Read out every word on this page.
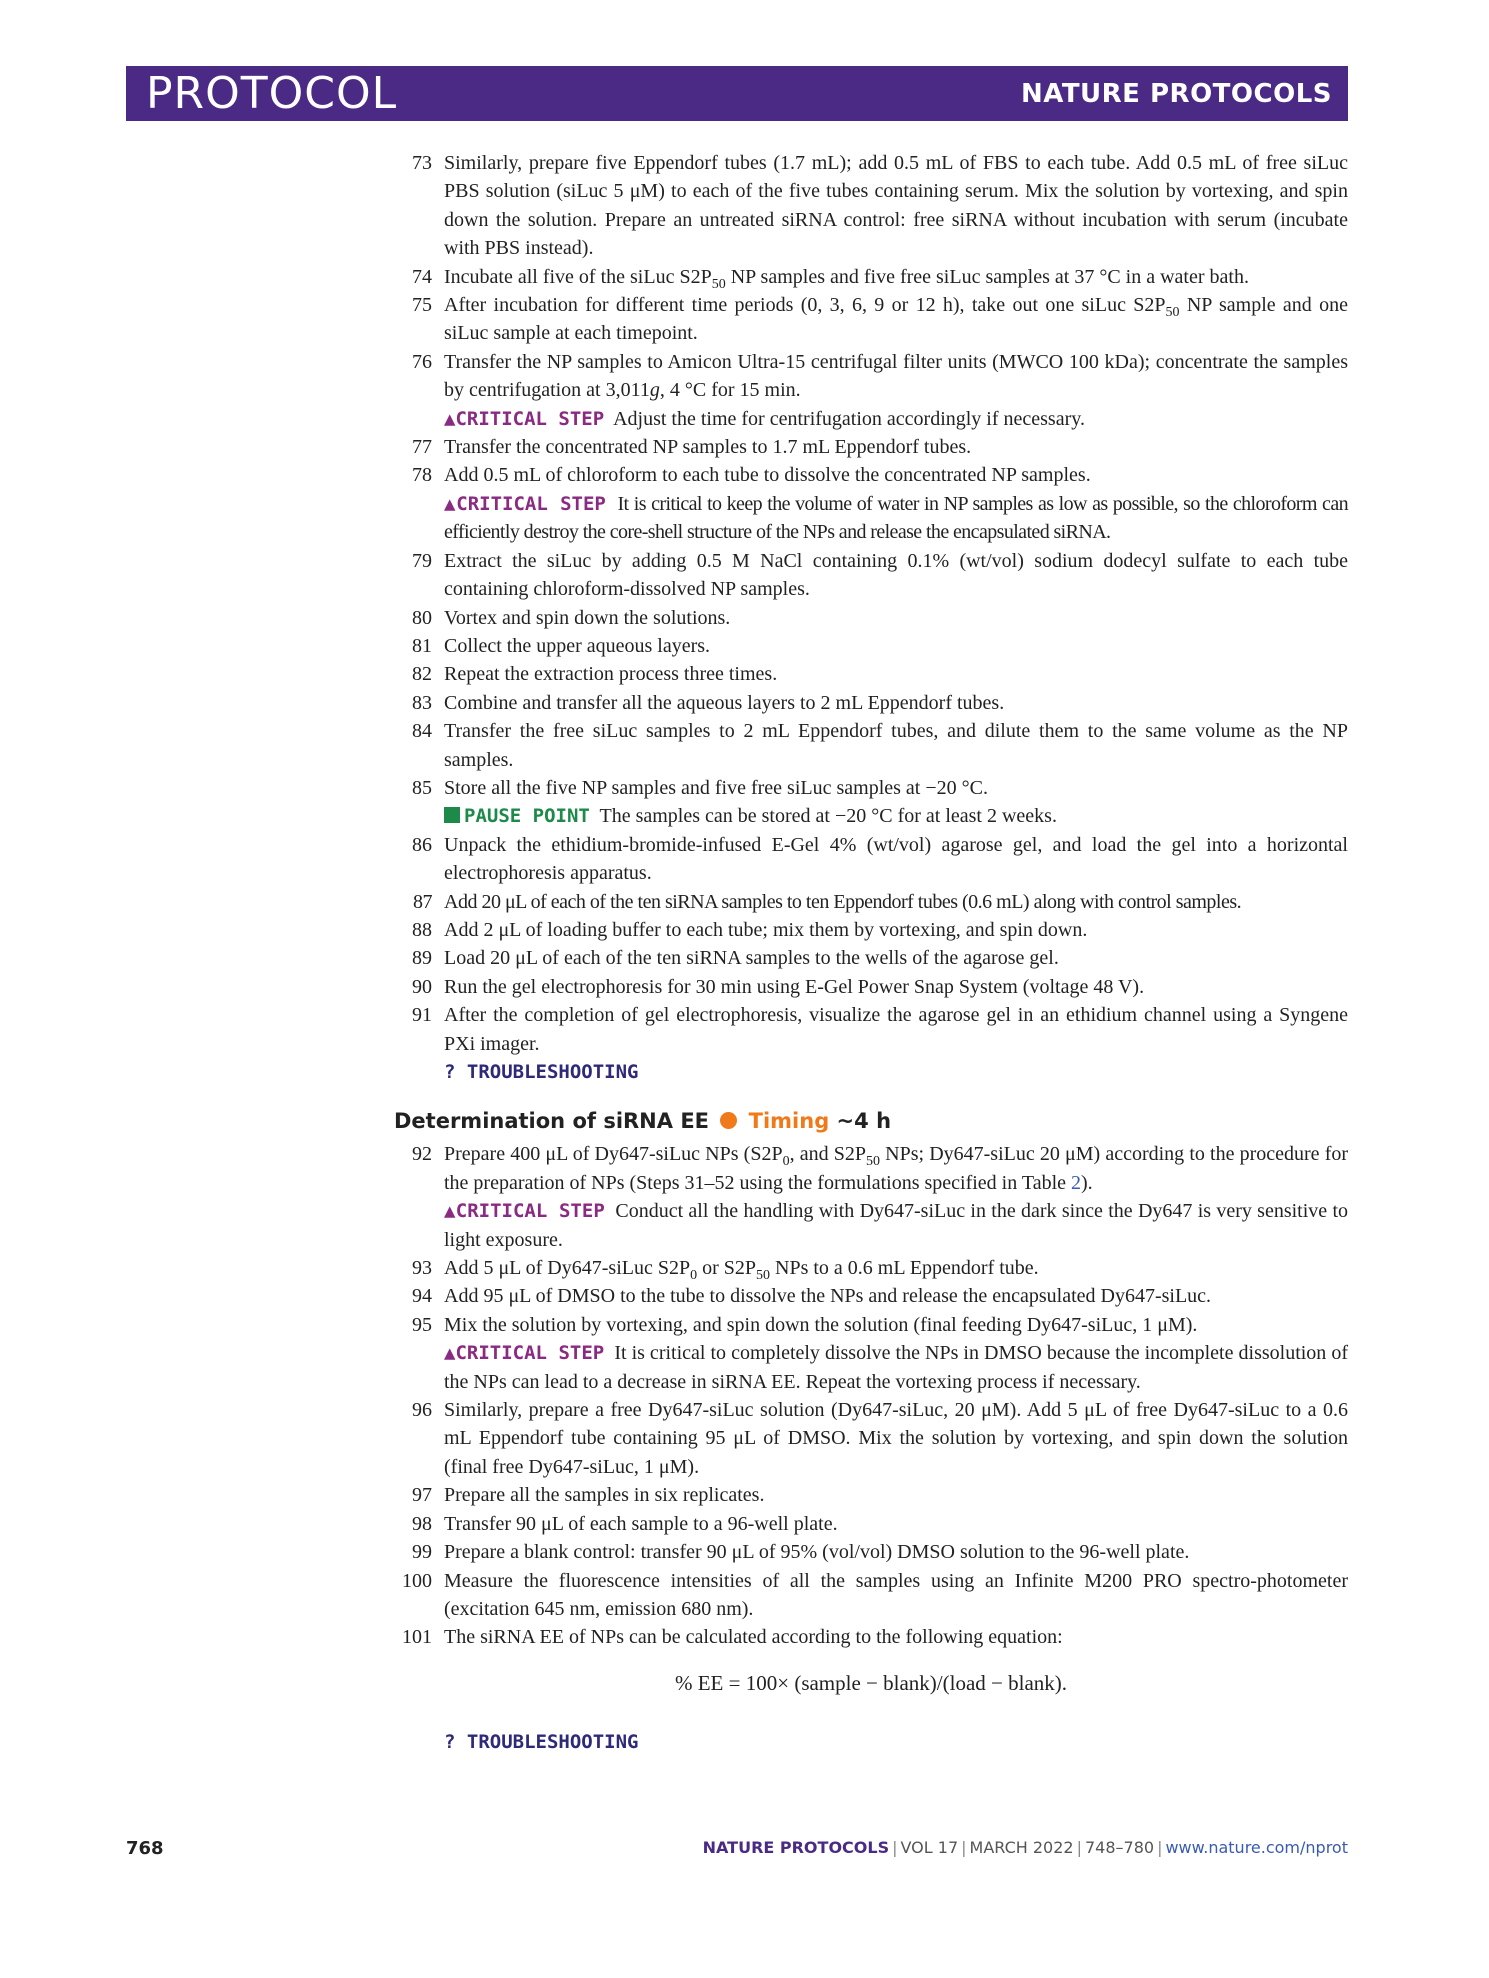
PROTOCOL	NATURE PROTOCOLS
73 Similarly, prepare five Eppendorf tubes (1.7 mL); add 0.5 mL of FBS to each tube. Add 0.5 mL of free siLuc PBS solution (siLuc 5 μM) to each of the five tubes containing serum. Mix the solution by vortexing, and spin down the solution. Prepare an untreated siRNA control: free siRNA without incubation with serum (incubate with PBS instead).
74 Incubate all five of the siLuc $S2P_{50}$ NP samples and five free siLuc samples at 37 °C in a water bath.
75 After incubation for different time periods (0, 3, 6, 9 or 12 h), take out one siLuc $S2P_{50}$ NP sample and one siLuc sample at each timepoint.
76 Transfer the NP samples to Amicon Ultra-15 centrifugal filter units (MWCO 100 kDa); concentrate the samples by centrifugation at 3,011g, 4 °C for 15 min.
▲CRITICAL STEP Adjust the time for centrifugation accordingly if necessary.
77 Transfer the concentrated NP samples to 1.7 mL Eppendorf tubes.
78 Add 0.5 mL of chloroform to each tube to dissolve the concentrated NP samples.
▲CRITICAL STEP It is critical to keep the volume of water in NP samples as low as possible, so the chloroform can efficiently destroy the core-shell structure of the NPs and release the encapsulated siRNA.
79 Extract the siLuc by adding 0.5 M NaCl containing 0.1% (wt/vol) sodium dodecyl sulfate to each tube containing chloroform-dissolved NP samples.
80 Vortex and spin down the solutions.
81 Collect the upper aqueous layers.
82 Repeat the extraction process three times.
83 Combine and transfer all the aqueous layers to 2 mL Eppendorf tubes.
84 Transfer the free siLuc samples to 2 mL Eppendorf tubes, and dilute them to the same volume as the NP samples.
85 Store all the five NP samples and five free siLuc samples at −20 °C.
PAUSE POINT The samples can be stored at −20 °C for at least 2 weeks.
86 Unpack the ethidium-bromide-infused E-Gel 4% (wt/vol) agarose gel, and load the gel into a horizontal electrophoresis apparatus.
87 Add 20 μL of each of the ten siRNA samples to ten Eppendorf tubes (0.6 mL) along with control samples.
88 Add 2 μL of loading buffer to each tube; mix them by vortexing, and spin down.
89 Load 20 μL of each of the ten siRNA samples to the wells of the agarose gel.
90 Run the gel electrophoresis for 30 min using E-Gel Power Snap System (voltage 48 V).
91 After the completion of gel electrophoresis, visualize the agarose gel in an ethidium channel using a Syngene PXi imager.
? TROUBLESHOOTING
Determination of siRNA EE Timing ~4 h
92 Prepare 400 μL of Dy647-siLuc NPs ($S2P_0$, and $S2P_{50}$ NPs; Dy647-siLuc 20 μM) according to the procedure for the preparation of NPs (Steps 31–52 using the formulations specified in Table 2).
▲CRITICAL STEP Conduct all the handling with Dy647-siLuc in the dark since the Dy647 is very sensitive to light exposure.
93 Add 5 μL of Dy647-siLuc $S2P_0$ or $S2P_{50}$ NPs to a 0.6 mL Eppendorf tube.
94 Add 95 μL of DMSO to the tube to dissolve the NPs and release the encapsulated Dy647-siLuc.
95 Mix the solution by vortexing, and spin down the solution (final feeding Dy647-siLuc, 1 μM).
▲CRITICAL STEP It is critical to completely dissolve the NPs in DMSO because the incomplete dissolution of the NPs can lead to a decrease in siRNA EE. Repeat the vortexing process if necessary.
96 Similarly, prepare a free Dy647-siLuc solution (Dy647-siLuc, 20 μM). Add 5 μL of free Dy647-siLuc to a 0.6 mL Eppendorf tube containing 95 μL of DMSO. Mix the solution by vortexing, and spin down the solution (final free Dy647-siLuc, 1 μM).
97 Prepare all the samples in six replicates.
98 Transfer 90 μL of each sample to a 96-well plate.
99 Prepare a blank control: transfer 90 μL of 95% (vol/vol) DMSO solution to the 96-well plate.
100 Measure the fluorescence intensities of all the samples using an Infinite M200 PRO spectro-photometer (excitation 645 nm, emission 680 nm).
101 The siRNA EE of NPs can be calculated according to the following equation:
% EE = 100× (sample − blank)/(load − blank).
? TROUBLESHOOTING
768	NATURE PROTOCOLS | VOL 17 | MARCH 2022 | 748–780 | www.nature.com/nprot
